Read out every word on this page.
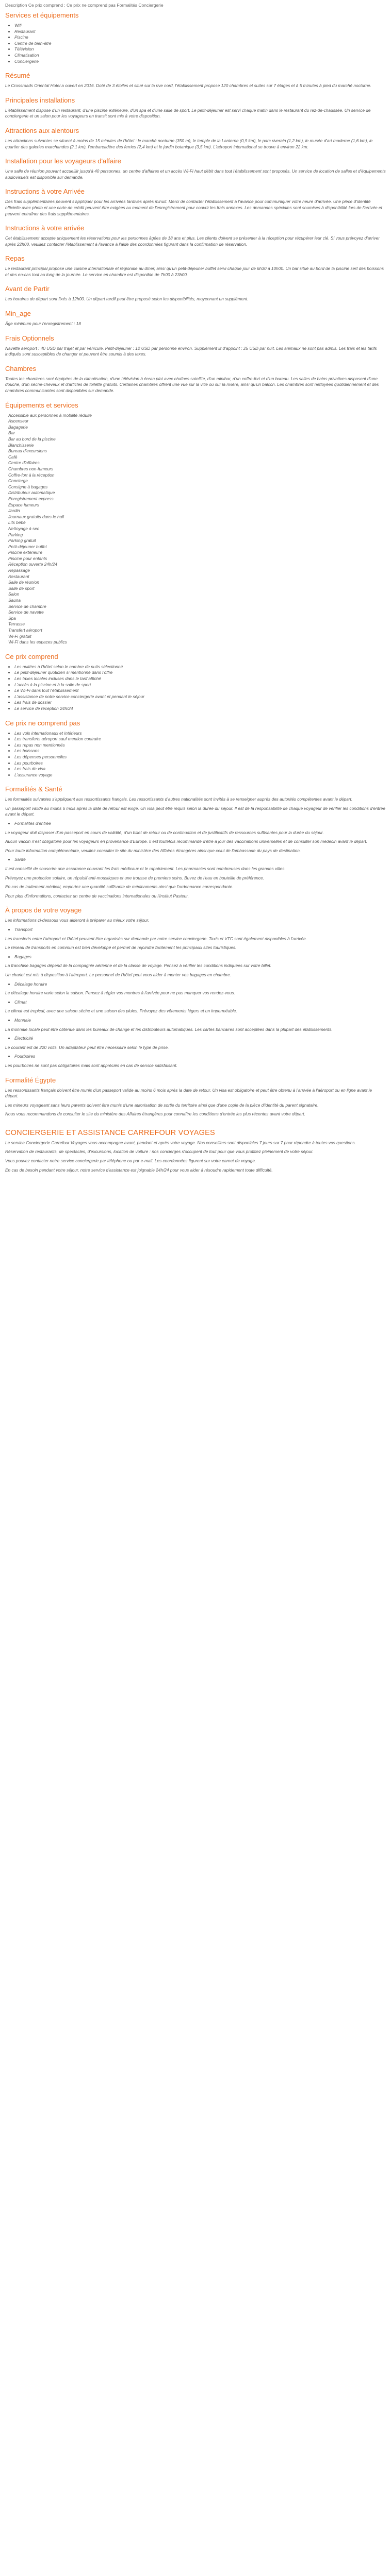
Description Ce prix comprend : Ce prix ne comprend pas Formalités Conciergerie
Services et équipements
• Wifi
• Restaurant
• Piscine
• Centre de bien-être
• Télévision
• Climatisation
• Conciergerie
Résumé

Le Crossroads Oriental Hotel a ouvert en 2016. Doté de 3 étoiles et situé sur la rive nord, l'établissement propose 120 chambres et suites sur 7 étages et à 5 minutes à pied du marché nocturne.

Principales installations

L'établissement dispose d'un restaurant, d'une piscine extérieure, d'un spa et d'une salle de sport. Le petit-déjeuner est servi chaque matin dans le restaurant du rez-de-chaussée. Un service de conciergerie et un salon pour les voyageurs en transit sont mis à votre disposition.

Attractions aux alentours

Les attractions suivantes se situent à moins de 15 minutes de l'hôtel : le marché nocturne (350 m), le temple de la Lanterne (0,9 km), le parc riverain (1,2 km), le musée d'art moderne (1,6 km), le quartier des galeries marchandes (2,1 km), l'embarcadère des ferries (2,4 km) et le jardin botanique (3,5 km). L'aéroport international se trouve à environ 22 km.

Installation pour les voyageurs d'affaire

Une salle de réunion pouvant accueillir jusqu'à 40 personnes, un centre d'affaires et un accès Wi-Fi haut débit dans tout l'établissement sont proposés. Un service de location de salles et d'équipements audiovisuels est disponible sur demande.

Instructions à votre Arrivée

Des frais supplémentaires peuvent s'appliquer pour les arrivées tardives après minuit. Merci de contacter l'établissement à l'avance pour communiquer votre heure d'arrivée. Une pièce d'identité officielle avec photo et une carte de crédit peuvent être exigées au moment de l'enregistrement pour couvrir les frais annexes. Les demandes spéciales sont soumises à disponibilité lors de l'arrivée et peuvent entraîner des frais supplémentaires.

Instructions à votre arrivée

Cet établissement accepte uniquement les réservations pour les personnes âgées de 18 ans et plus. Les clients doivent se présenter à la réception pour récupérer leur clé. Si vous prévoyez d'arriver après 22h00, veuillez contacter l'établissement à l'avance à l'aide des coordonnées figurant dans la confirmation de réservation.

Repas

Le restaurant principal propose une cuisine internationale et régionale au dîner, ainsi qu'un petit-déjeuner buffet servi chaque jour de 6h30 à 10h00. Un bar situé au bord de la piscine sert des boissons et des en-cas tout au long de la journée. Le service en chambre est disponible de 7h00 à 23h00.

Avant de Partir

Les horaires de départ sont fixés à 12h00. Un départ tardif peut être proposé selon les disponibilités, moyennant un supplément.

Min_age

Âge minimum pour l'enregistrement : 18

Frais Optionnels

Navette aéroport : 40 USD par trajet et par véhicule. Petit-déjeuner : 12 USD par personne environ. Supplément lit d'appoint : 25 USD par nuit. Les animaux ne sont pas admis. Les frais et les tarifs indiqués sont susceptibles de changer et peuvent être soumis à des taxes.

Chambres

Toutes les chambres sont équipées de la climatisation, d'une télévision à écran plat avec chaînes satellite, d'un minibar, d'un coffre-fort et d'un bureau. Les salles de bains privatives disposent d'une douche, d'un sèche-cheveux et d'articles de toilette gratuits. Certaines chambres offrent une vue sur la ville ou sur la rivière, ainsi qu'un balcon. Les chambres sont nettoyées quotidiennement et des chambres communicantes sont disponibles sur demande.

Équipements et services
Accessible aux personnes à mobilité réduite
Ascenseur
Bagagerie
Bar
Bar au bord de la piscine
Blanchisserie
Bureau d'excursions
Café
Centre d'affaires
Chambres non-fumeurs
Coffre-fort à la réception
Concierge
Consigne à bagages
Distributeur automatique
Enregistrement express
Espace fumeurs
Jardin
Journaux gratuits dans le hall
Lits bébé
Nettoyage à sec
Parking
Parking gratuit
Petit-déjeuner buffet
Piscine extérieure
Piscine pour enfants
Réception ouverte 24h/24
Repassage
Restaurant
Salle de réunion
Salle de sport
Salon
Sauna
Service de chambre
Service de navette
Spa
Terrasse
Transfert aéroport
Wi-Fi gratuit
Wi-Fi dans les espaces publics
Ce prix comprend
• Les nuitées à l'hôtel selon le nombre de nuits sélectionné
• Le petit-déjeuner quotidien si mentionné dans l'offre
• Les taxes locales incluses dans le tarif affiché
• L'accès à la piscine et à la salle de sport
• Le Wi-Fi dans tout l'établissement
• L'assistance de notre service conciergerie avant et pendant le séjour
• Les frais de dossier
• Le service de réception 24h/24
Ce prix ne comprend pas
• Les vols internationaux et intérieurs
• Les transferts aéroport sauf mention contraire
• Les repas non mentionnés
• Les boissons
• Les dépenses personnelles
• Les pourboires
• Les frais de visa
• L'assurance voyage
Formalités & Santé

Les formalités suivantes s'appliquent aux ressortissants français. Les ressortissants d'autres nationalités sont invités à se renseigner auprès des autorités compétentes avant le départ.

Un passeport valide au moins 6 mois après la date de retour est exigé. Un visa peut être requis selon la durée du séjour. Il est de la responsabilité de chaque voyageur de vérifier les conditions d'entrée avant le départ.

• Formalités d'entrée

Le voyageur doit disposer d'un passeport en cours de validité, d'un billet de retour ou de continuation et de justificatifs de ressources suffisantes pour la durée du séjour.

Aucun vaccin n'est obligatoire pour les voyageurs en provenance d'Europe. Il est toutefois recommandé d'être à jour des vaccinations universelles et de consulter son médecin avant le départ.

Pour toute information complémentaire, veuillez consulter le site du ministère des Affaires étrangères ainsi que celui de l'ambassade du pays de destination.

• Santé

Il est conseillé de souscrire une assurance couvrant les frais médicaux et le rapatriement. Les pharmacies sont nombreuses dans les grandes villes.

Prévoyez une protection solaire, un répulsif anti-moustiques et une trousse de premiers soins. Buvez de l'eau en bouteille de préférence.

En cas de traitement médical, emportez une quantité suffisante de médicaments ainsi que l'ordonnance correspondante.

Pour plus d'informations, contactez un centre de vaccinations internationales ou l'Institut Pasteur.

À propos de votre voyage

Les informations ci-dessous vous aideront à préparer au mieux votre séjour.

• Transport

Les transferts entre l'aéroport et l'hôtel peuvent être organisés sur demande par notre service conciergerie. Taxis et VTC sont également disponibles à l'arrivée.

Le réseau de transports en commun est bien développé et permet de rejoindre facilement les principaux sites touristiques.

• Bagages

La franchise bagages dépend de la compagnie aérienne et de la classe de voyage. Pensez à vérifier les conditions indiquées sur votre billet.

Un chariot est mis à disposition à l'aéroport. Le personnel de l'hôtel peut vous aider à monter vos bagages en chambre.

• Décalage horaire

Le décalage horaire varie selon la saison. Pensez à régler vos montres à l'arrivée pour ne pas manquer vos rendez-vous.

• Climat

Le climat est tropical, avec une saison sèche et une saison des pluies. Prévoyez des vêtements légers et un imperméable.

• Monnaie

La monnaie locale peut être obtenue dans les bureaux de change et les distributeurs automatiques. Les cartes bancaires sont acceptées dans la plupart des établissements.

• Électricité

Le courant est de 220 volts. Un adaptateur peut être nécessaire selon le type de prise.

• Pourboires

Les pourboires ne sont pas obligatoires mais sont appréciés en cas de service satisfaisant.

Formalité Égypte

Les ressortissants français doivent être munis d'un passeport valide au moins 6 mois après la date de retour. Un visa est obligatoire et peut être obtenu à l'arrivée à l'aéroport ou en ligne avant le départ.

Les mineurs voyageant sans leurs parents doivent être munis d'une autorisation de sortie du territoire ainsi que d'une copie de la pièce d'identité du parent signataire.

Nous vous recommandons de consulter le site du ministère des Affaires étrangères pour connaître les conditions d'entrée les plus récentes avant votre départ.

CONCIERGERIE ET ASSISTANCE CARREFOUR VOYAGES

Le service Conciergerie Carrefour Voyages vous accompagne avant, pendant et après votre voyage. Nos conseillers sont disponibles 7 jours sur 7 pour répondre à toutes vos questions.

Réservation de restaurants, de spectacles, d'excursions, location de voiture : nos concierges s'occupent de tout pour que vous profitiez pleinement de votre séjour.

Vous pouvez contacter notre service conciergerie par téléphone ou par e-mail. Les coordonnées figurent sur votre carnet de voyage.

En cas de besoin pendant votre séjour, notre service d'assistance est joignable 24h/24 pour vous aider à résoudre rapidement toute difficulté.
